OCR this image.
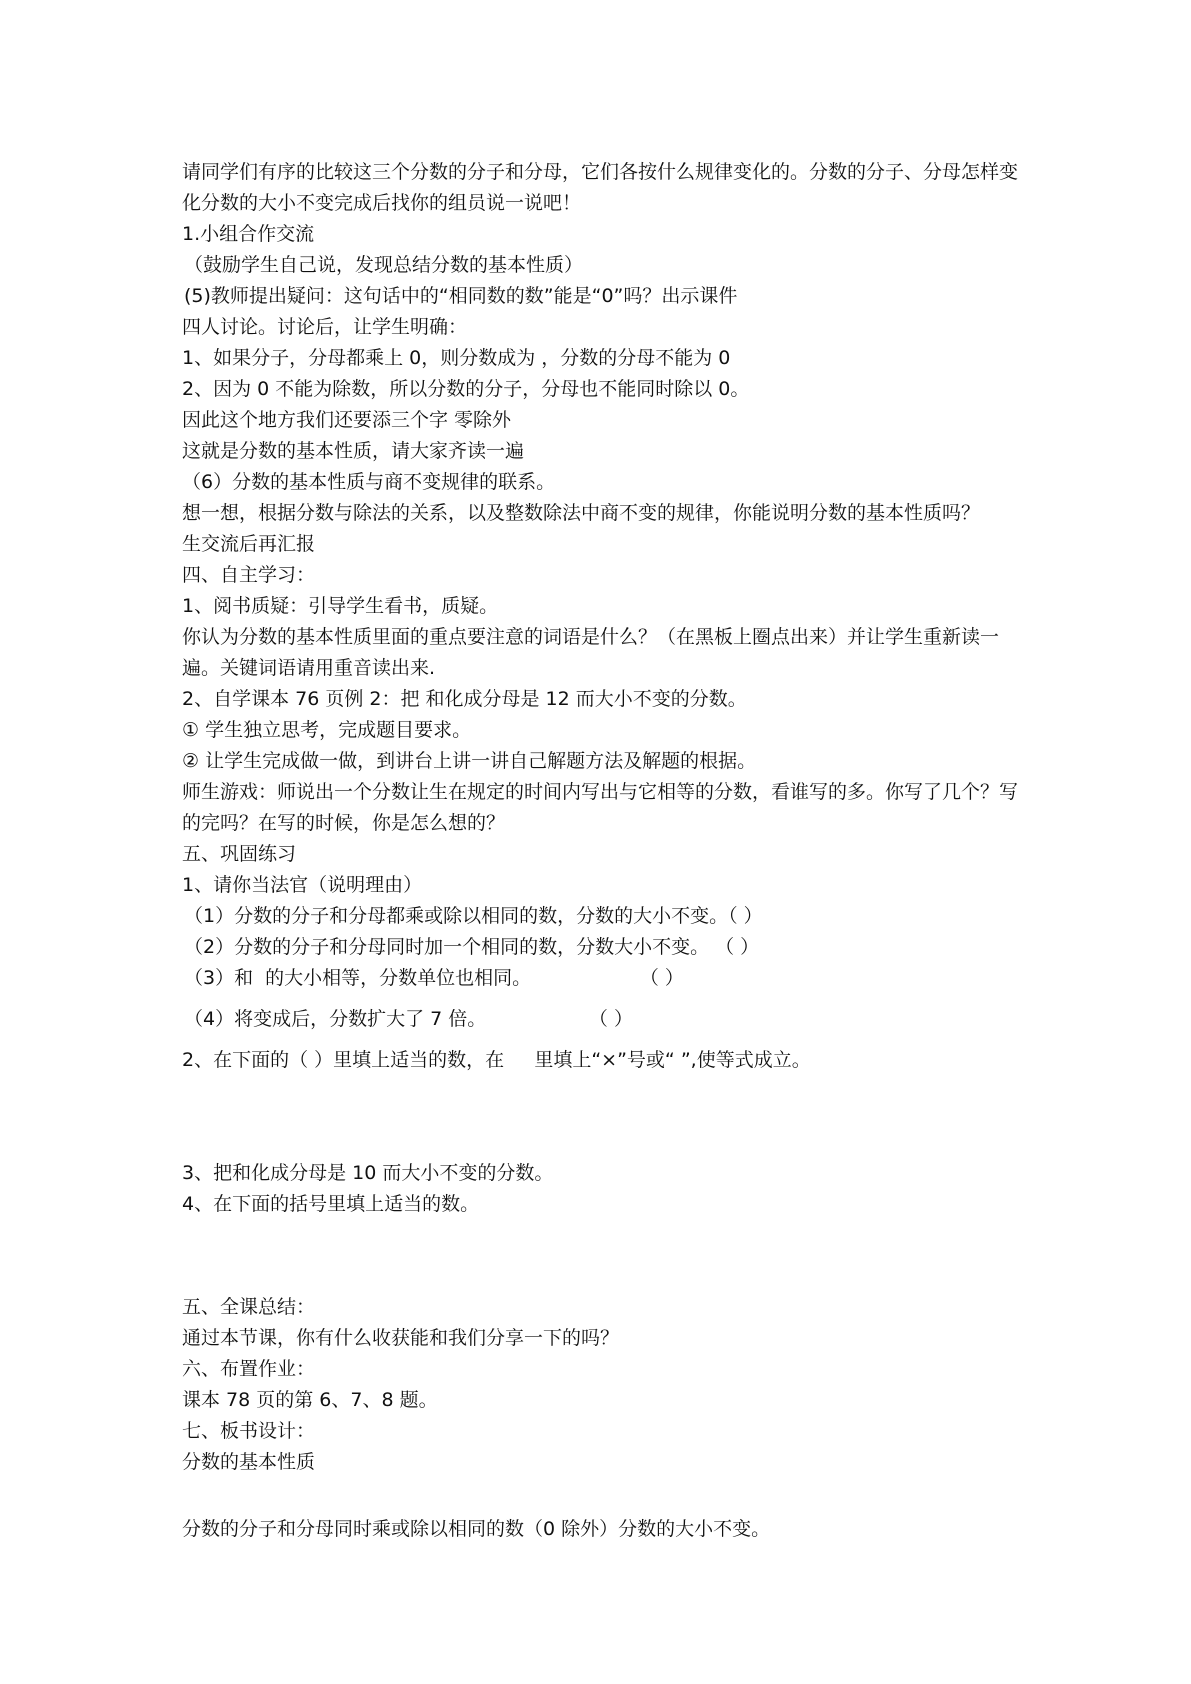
请同学们有序的比较这三个分数的分子和分母，它们各按什么规律变化的。分数的分子、分母怎样变化分数的大小不变完成后找你的组员说一说吧！
1.小组合作交流
（鼓励学生自己说，发现总结分数的基本性质）
(5)教师提出疑问：这句话中的“相同数的数”能是“0”吗？出示课件
四人讨论。讨论后，让学生明确：
1、如果分子，分母都乘上 0，则分数成为 ，分数的分母不能为 0
2、因为 0 不能为除数，所以分数的分子，分母也不能同时除以 0。
因此这个地方我们还要添三个字 零除外
这就是分数的基本性质，请大家齐读一遍
（6）分数的基本性质与商不变规律的联系。
想一想，根据分数与除法的关系，以及整数除法中商不变的规律，你能说明分数的基本性质吗？
生交流后再汇报
四、自主学习：
1、阅书质疑：引导学生看书，质疑。
你认为分数的基本性质里面的重点要注意的词语是什么？（在黑板上圈点出来）并让学生重新读一遍。关键词语请用重音读出来.
2、自学课本 76 页例 2：把 和化成分母是 12 而大小不变的分数。
① 学生独立思考，完成题目要求。
② 让学生完成做一做，到讲台上讲一讲自己解题方法及解题的根据。
师生游戏：师说出一个分数让生在规定的时间内写出与它相等的分数，看谁写的多。你写了几个？写的完吗？在写的时候，你是怎么想的？
五、巩固练习
1、请你当法官（说明理由）
（1）分数的分子和分母都乘或除以相同的数，分数的大小不变。（ ）
（2）分数的分子和分母同时加一个相同的数，分数大小不变。 （ ）
（3）和  的大小相等，分数单位也相同。                  （ ） （4）将变成后，分数扩大了 7 倍。                 （ ） 2、在下面的（ ）里填上适当的数，在     里填上“×”号或“ ”,使等式成立。
3、把和化成分母是 10 而大小不变的分数。
4、在下面的括号里填上适当的数。
五、全课总结：
通过本节课，你有什么收获能和我们分享一下的吗？
六、布置作业：
课本 78 页的第 6、7、8 题。
七、板书设计：
分数的基本性质
分数的分子和分母同时乘或除以相同的数（0 除外）分数的大小不变。
